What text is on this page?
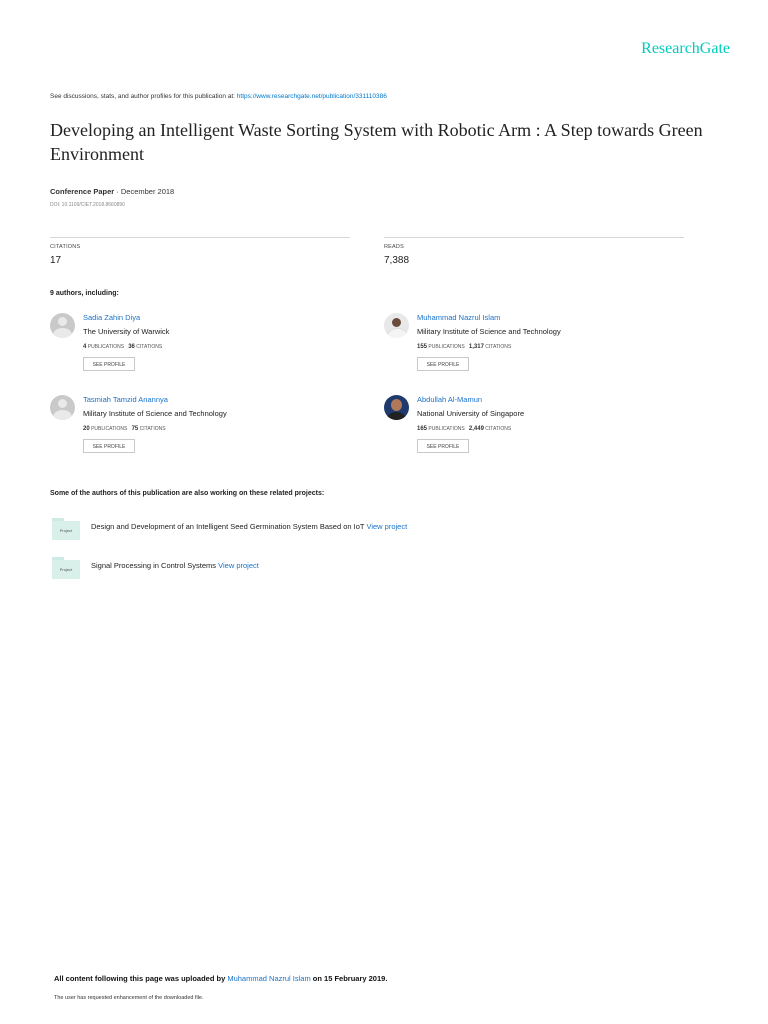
ResearchGate
See discussions, stats, and author profiles for this publication at: https://www.researchgate.net/publication/331110386
Developing an Intelligent Waste Sorting System with Robotic Arm : A Step towards Green Environment
Conference Paper · December 2018
DOI: 10.1109/CIET.2018.8660890
CITATIONS
17
READS
7,388
9 authors, including:
Sadia Zahin Diya
The University of Warwick
4 PUBLICATIONS 36 CITATIONS
SEE PROFILE
Muhammad Nazrul Islam
Military Institute of Science and Technology
155 PUBLICATIONS 1,317 CITATIONS
SEE PROFILE
Tasmiah Tamzid Anannya
Military Institute of Science and Technology
20 PUBLICATIONS 75 CITATIONS
SEE PROFILE
Abdullah Al-Mamun
National University of Singapore
165 PUBLICATIONS 2,449 CITATIONS
SEE PROFILE
Some of the authors of this publication are also working on these related projects:
Project	Design and Development of an Intelligent Seed Germination System Based on IoT View project
Project	Signal Processing in Control Systems View project
All content following this page was uploaded by Muhammad Nazrul Islam on 15 February 2019.
The user has requested enhancement of the downloaded file.
